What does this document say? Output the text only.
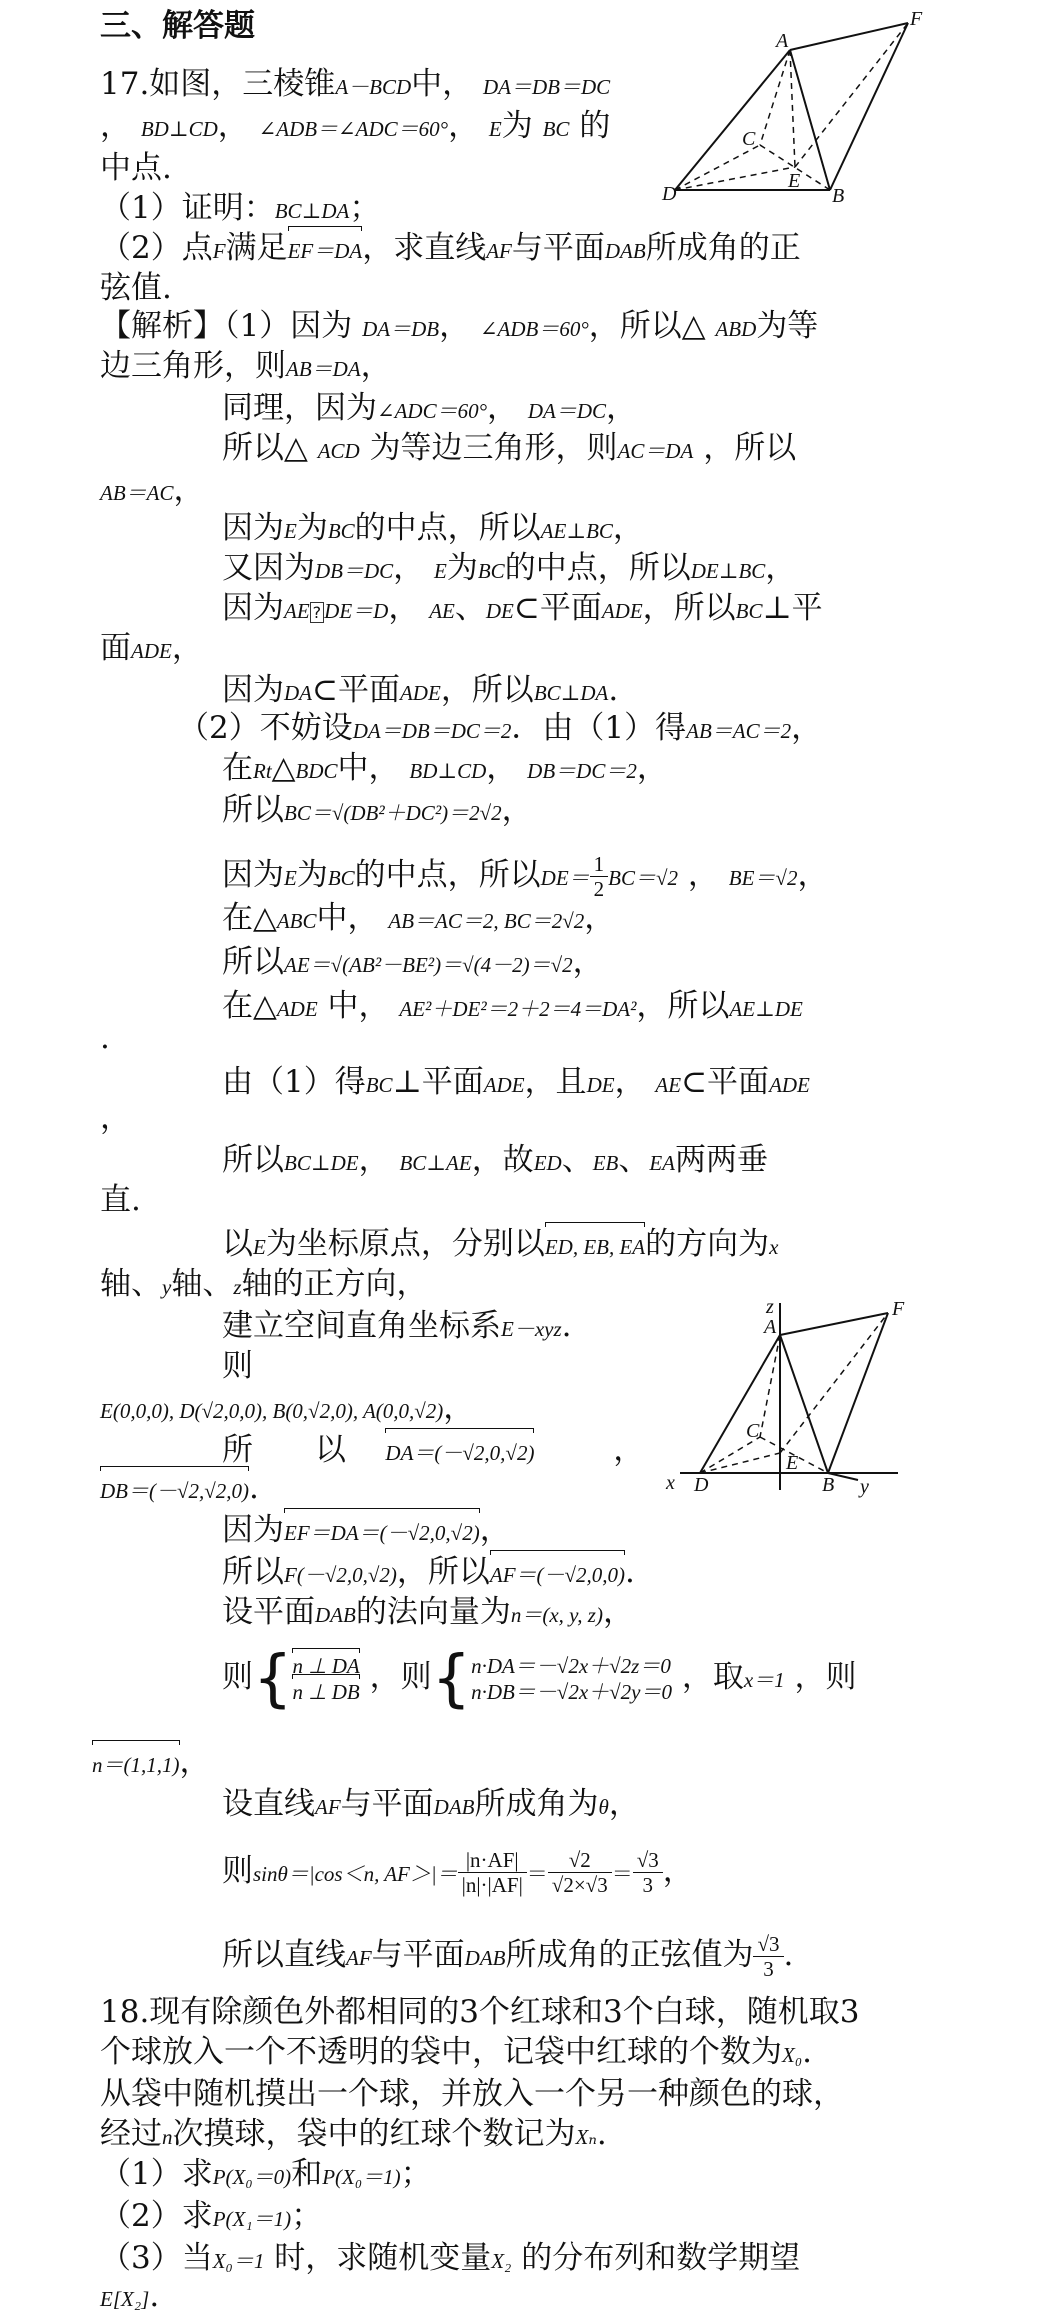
三、解答题
17.如图，三棱锥A－BCD中， DA＝DB＝DC
， BD⊥CD， ∠ADB＝∠ADC＝60°， E为 BC 的
中点.
（1）证明：BC⊥DA；
（2）点F满足EF＝DA，求直线AF与平面DAB所成角的正
弦值.
A
F
C
D
E
B
【解析】（1）因为 DA＝DB， ∠ADB＝60°，所以△ ABD为等
边三角形，则AB＝DA，
同理，因为∠ADC＝60°， DA＝DC，
所以△ ACD 为等边三角形，则AC＝DA ，所以
AB＝AC，
因为E为BC的中点，所以AE⊥BC，
又因为DB＝DC， E为BC的中点，所以DE⊥BC，
因为AE ? DE＝D， AE、DE⊂平面ADE，所以BC⊥平
面ADE，
因为DA⊂平面ADE，所以BC⊥DA.
（2）不妨设DA＝DB＝DC＝2．由（1）得AB＝AC＝2，
在Rt△BDC中， BD⊥CD， DB＝DC＝2，
所以BC＝√(DB²＋DC²)＝2√2，
因为E为BC的中点，所以$DE= \frac{1}{2} BC=√2$ ， BE＝√2，
在△ABC中， AB＝AC＝2, BC＝2√2，
所以AE＝√(AB²－BE²)＝√(4－2)＝√2，
在△ADE 中， AE²＋DE²＝2＋2＝4＝DA²，所以AE⊥DE
.
由（1）得BC⊥平面ADE，且DE， AE⊂平面ADE
，
所以BC⊥DE， BC⊥AE，故ED、EB、EA两两垂
直.
以E为坐标原点，分别以ED, EB, EA的方向为x
轴、y轴、z轴的正方向，
建立空间直角坐标系E－xyz.
则
E(0,0,0), D(√2,0,0), B(0,√2,0), A(0,0,√2)，
所　　以 DA＝(－√2,0,√2)	，
DB＝(－√2,√2,0).
z
A
F
C
E
x D	B y
因为EF＝DA＝(－√2,0,√2)，
所以F(－√2,0,√2)，所以AF＝(－√2,0,0).
设平面DAB的法向量为n＝(x, y, z)，
则{ n ⊥ DA
n ⊥ DB ，则{ n·DA＝－√2x＋√2z＝0
n·DB＝－√2x＋√2y＝0 ，取x＝1 ，则
n＝(1,1,1)，
设直线AF与平面DAB所成角为θ，
则sinθ＝|cos＜n, $AF>|= \frac{|n\cdot AF|}{|n|\cdot|AF|} = \frac{√2}{√2\times√3} = \frac{√3}{3}$ ，
所以直线AF与平面DAB所成角的正弦值为 $\frac{√3}{3}$ .
18.现有除颜色外都相同的3个红球和3个白球，随机取3
个球放入一个不透明的袋中，记袋中红球的个数为X₀.
从袋中随机摸出一个球，并放入一个另一种颜色的球，
经过n次摸球，袋中的红球个数记为Xₙ.
（1）求P(X₀＝0)和P(X₀＝1)；
（2）求P(X₁＝1)；
（3）当X₀＝1 时，求随机变量X₂ 的分布列和数学期望
E[X₂].
